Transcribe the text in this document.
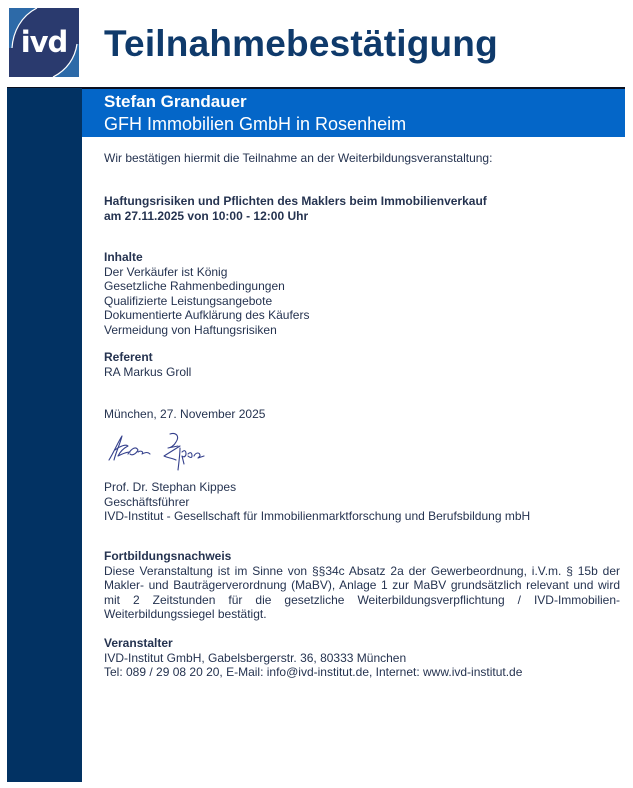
ivd Teilnahmebestätigung
Stefan Grandauer
GFH Immobilien GmbH in Rosenheim
Wir bestätigen hiermit die Teilnahme an der Weiterbildungsveranstaltung:
Haftungsrisiken und Pflichten des Maklers beim Immobilienverkauf
am 27.11.2025 von 10:00 - 12:00 Uhr
Inhalte
Der Verkäufer ist König
Gesetzliche Rahmenbedingungen
Qualifizierte Leistungsangebote
Dokumentierte Aufklärung des Käufers
Vermeidung von Haftungsrisiken
Referent
RA Markus Groll
München, 27. November 2025
Prof. Dr. Stephan Kippes
Geschäftsführer
IVD-Institut - Gesellschaft für Immobilienmarktforschung und Berufsbildung mbH
Fortbildungsnachweis
Diese Veranstaltung ist im Sinne von §§34c Absatz 2a der Gewerbeordnung, i.V.m. § 15b der Makler- und Bauträgerverordnung (MaBV), Anlage 1 zur MaBV grundsätzlich relevant und wird mit 2 Zeitstunden für die gesetzliche Weiterbildungsverpflichtung / IVD-Immobilien-Weiterbildungssiegel bestätigt.
Veranstalter
IVD-Institut GmbH, Gabelsbergerstr. 36, 80333 München
Tel: 089 / 29 08 20 20, E-Mail: info@ivd-institut.de, Internet: www.ivd-institut.de
